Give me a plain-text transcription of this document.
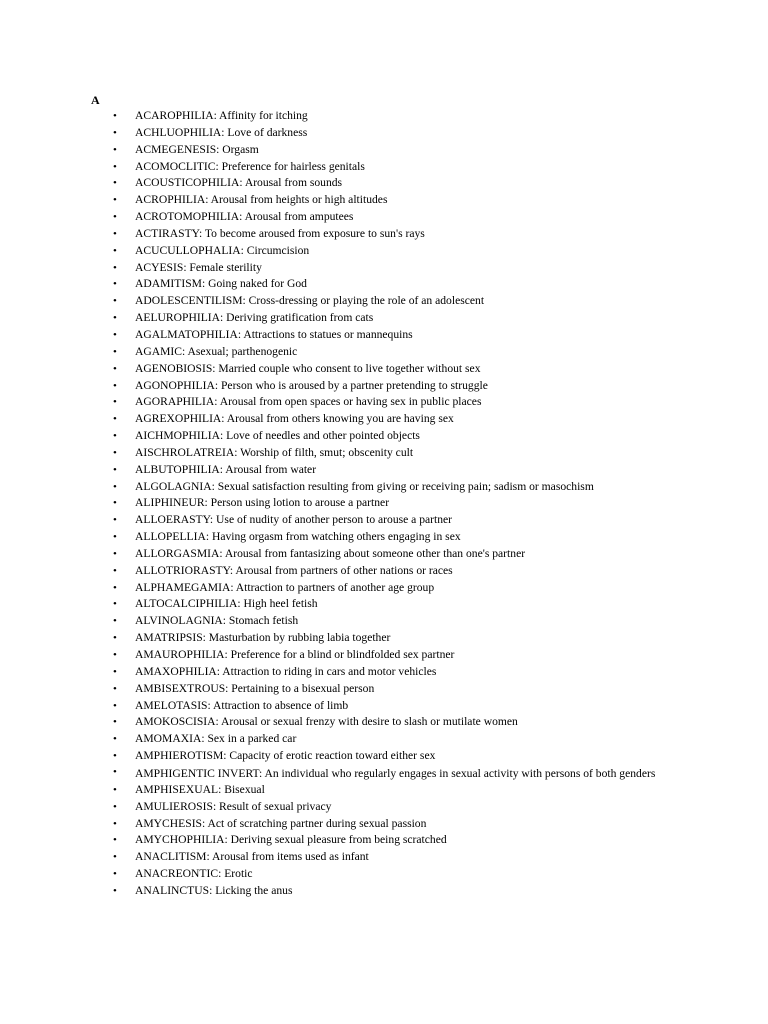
A
• ACAROPHILIA: Affinity for itching
• ACHLUOPHILIA: Love of darkness
• ACMEGENESIS: Orgasm
• ACOMOCLITIC: Preference for hairless genitals
• ACOUSTICOPHILIA: Arousal from sounds
• ACROPHILIA: Arousal from heights or high altitudes
• ACROTOMOPHILIA: Arousal from amputees
• ACTIRASTY: To become aroused from exposure to sun's rays
• ACUCULLOPHALIA: Circumcision
• ACYESIS: Female sterility
• ADAMITISM: Going naked for God
• ADOLESCENTILISM: Cross-dressing or playing the role of an adolescent
• AELUROPHILIA: Deriving gratification from cats
• AGALMATOPHILIA: Attractions to statues or mannequins
• AGAMIC: Asexual; parthenogenic
• AGENOBIOSIS: Married couple who consent to live together without sex
• AGONOPHILIA: Person who is aroused by a partner pretending to struggle
• AGORAPHILIA: Arousal from open spaces or having sex in public places
• AGREXOPHILIA: Arousal from others knowing you are having sex
• AICHMOPHILIA: Love of needles and other pointed objects
• AISCHROLATREIA: Worship of filth, smut; obscenity cult
• ALBUTOPHILIA: Arousal from water
• ALGOLAGNIA: Sexual satisfaction resulting from giving or receiving pain; sadism or masochism
• ALIPHINEUR: Person using lotion to arouse a partner
• ALLOERASTY: Use of nudity of another person to arouse a partner
• ALLOPELLIA: Having orgasm from watching others engaging in sex
• ALLORGASMIA: Arousal from fantasizing about someone other than one's partner
• ALLOTRIORASTY: Arousal from partners of other nations or races
• ALPHAMEGAMIA: Attraction to partners of another age group
• ALTOCALCIPHILIA: High heel fetish
• ALVINOLAGNIA: Stomach fetish
• AMATRIPSIS: Masturbation by rubbing labia together
• AMAUROPHILIA: Preference for a blind or blindfolded sex partner
• AMAXOPHILIA: Attraction to riding in cars and motor vehicles
• AMBISEXTROUS: Pertaining to a bisexual person
• AMELOTASIS: Attraction to absence of limb
• AMOKOSCISIA: Arousal or sexual frenzy with desire to slash or mutilate women
• AMOMAXIA: Sex in a parked car
• AMPHIEROTISM: Capacity of erotic reaction toward either sex
• AMPHIGENTIC INVERT: An individual who regularly engages in sexual activity with persons of both genders
• AMPHISEXUAL: Bisexual
• AMULIEROSIS: Result of sexual privacy
• AMYCHESIS: Act of scratching partner during sexual passion
• AMYCHOPHILIA: Deriving sexual pleasure from being scratched
• ANACLITISM: Arousal from items used as infant
• ANACREONTIC: Erotic
• ANALINCTUS: Licking the anus
